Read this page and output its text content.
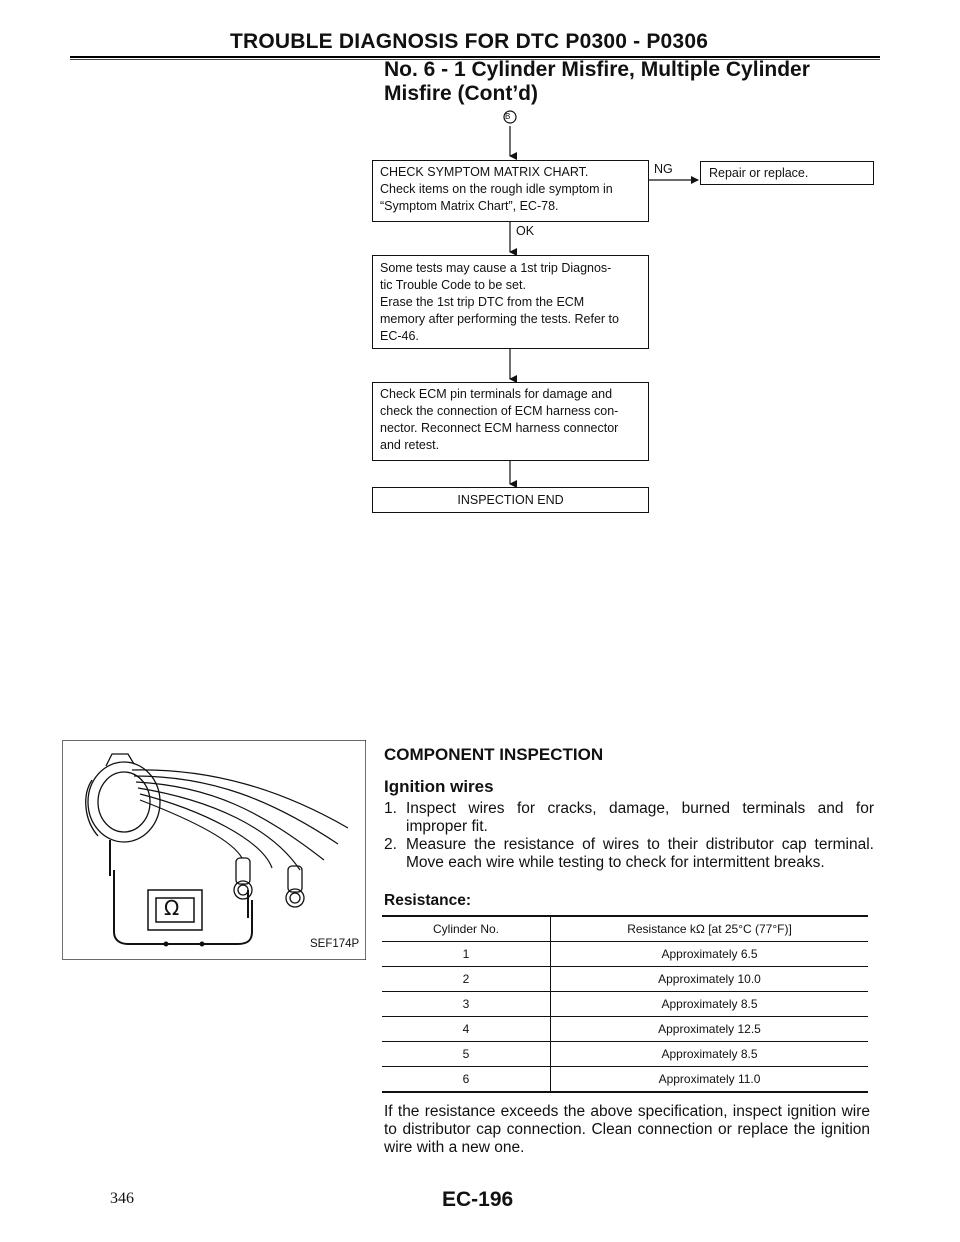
TROUBLE DIAGNOSIS FOR DTC P0300 - P0306
No. 6 - 1 Cylinder Misfire, Multiple Cylinder
Misfire (Cont’d)
B
CHECK SYMPTOM MATRIX CHART.
Check items on the rough idle symptom in
“Symptom Matrix Chart”, EC-78.
NG	Repair or replace.
OK
Some tests may cause a 1st trip Diagnos-
tic Trouble Code to be set.
Erase the 1st trip DTC from the ECM
memory after performing the tests. Refer to
EC-46.
Check ECM pin terminals for damage and
check the connection of ECM harness con-
nector. Reconnect ECM harness connector
and retest.
INSPECTION END
Ω
SEF174P
COMPONENT INSPECTION
Ignition wires
1. Inspect wires for cracks, damage, burned terminals and for improper fit.
2. Measure the resistance of wires to their distributor cap terminal. Move each wire while testing to check for intermittent breaks.
Resistance:
Cylinder No.	Resistance kΩ [at 25°C (77°F)]
1	Approximately 6.5
2	Approximately 10.0
3	Approximately 8.5
4	Approximately 12.5
5	Approximately 8.5
6	Approximately 11.0
If the resistance exceeds the above specification, inspect ignition wire to distributor cap connection. Clean connection or replace the ignition wire with a new one.
346	EC-196
